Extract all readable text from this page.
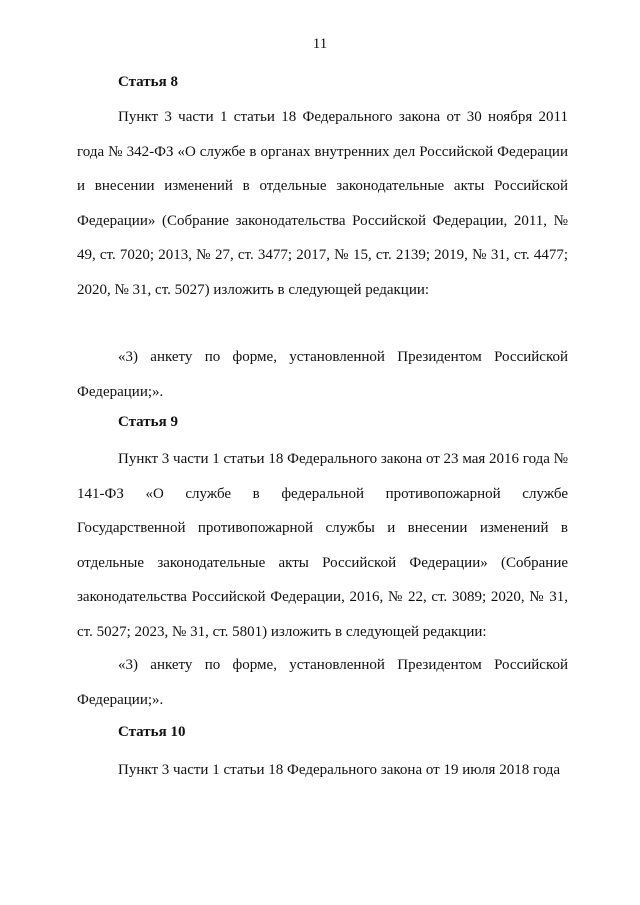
11
Статья 8
Пункт 3 части 1 статьи 18 Федерального закона от 30 ноября 2011 года № 342-ФЗ «О службе в органах внутренних дел Российской Федерации и внесении изменений в отдельные законодательные акты Российской Федерации» (Собрание законодательства Российской Федерации, 2011, № 49, ст. 7020; 2013, № 27, ст. 3477; 2017, № 15, ст. 2139; 2019, № 31, ст. 4477; 2020, № 31, ст. 5027) изложить в следующей редакции:
«3) анкету по форме, установленной Президентом Российской Федерации;».
Статья 9
Пункт 3 части 1 статьи 18 Федерального закона от 23 мая 2016 года № 141-ФЗ «О службе в федеральной противопожарной службе Государственной противопожарной службы и внесении изменений в отдельные законодательные акты Российской Федерации» (Собрание законодательства Российской Федерации, 2016, № 22, ст. 3089; 2020, № 31, ст. 5027; 2023, № 31, ст. 5801) изложить в следующей редакции:
«3) анкету по форме, установленной Президентом Российской Федерации;».
Статья 10
Пункт 3 части 1 статьи 18 Федерального закона от 19 июля 2018 года
